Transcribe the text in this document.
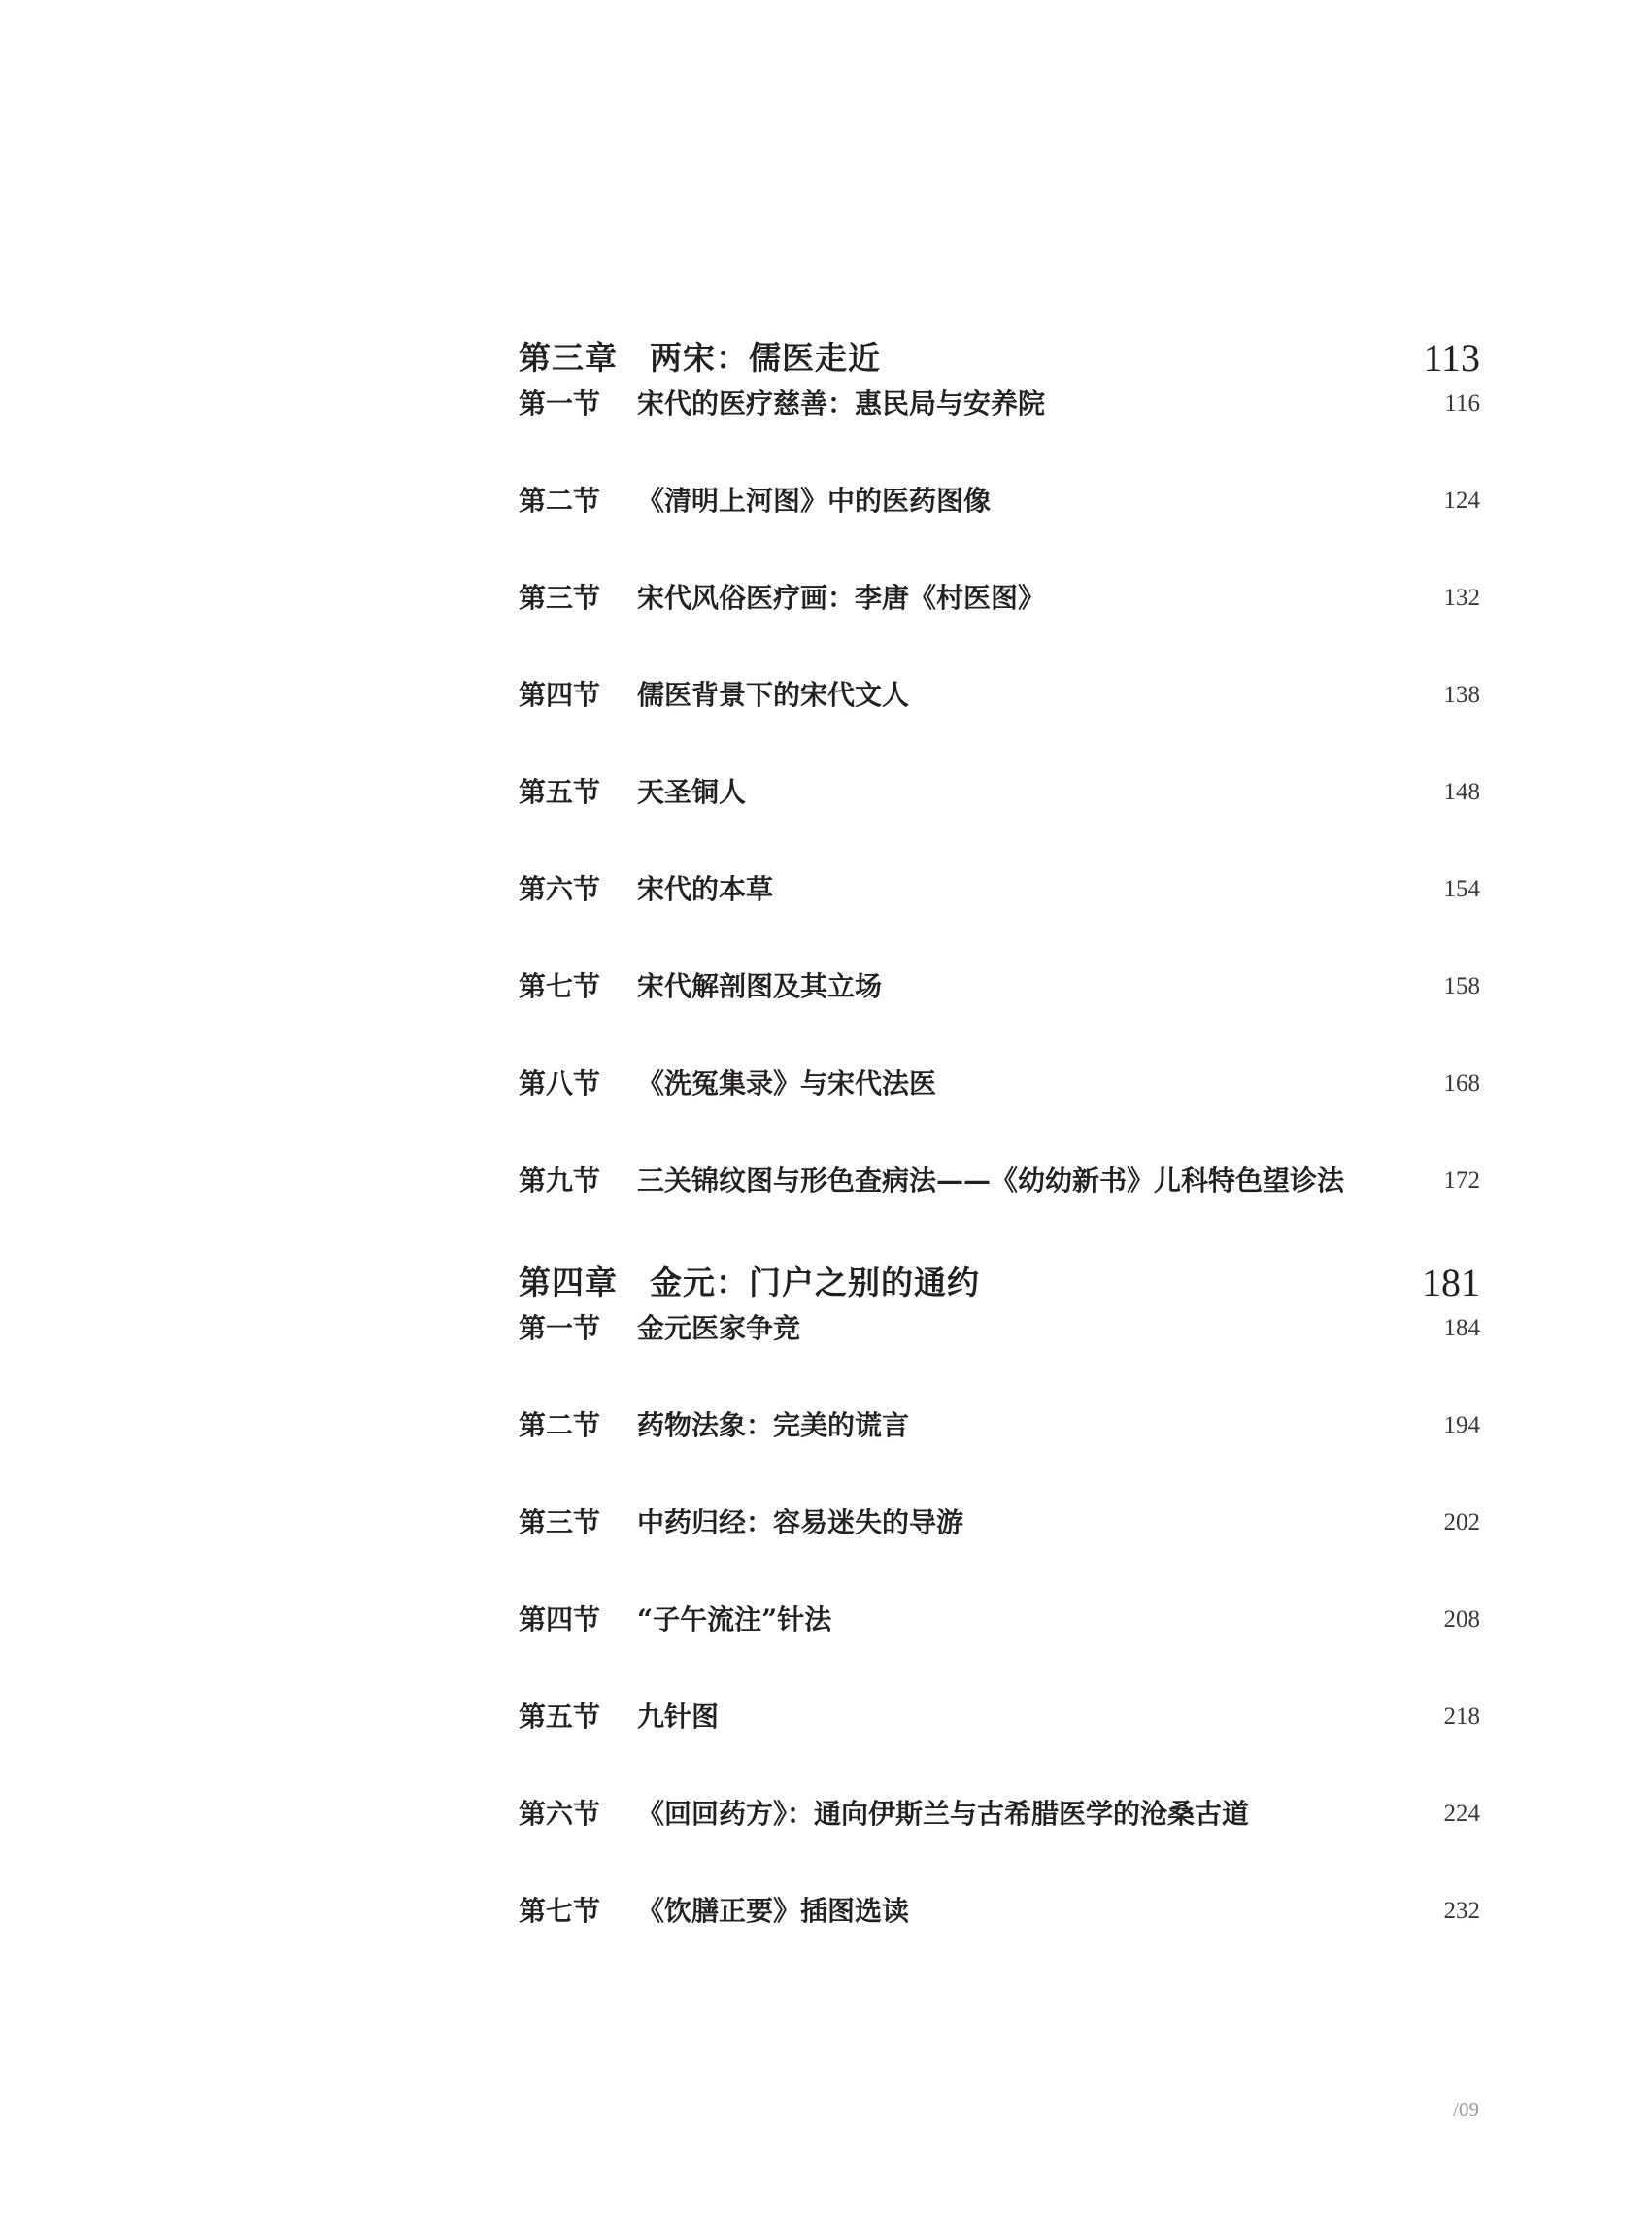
第三章 两宋：儒医走近	113
第一节 宋代的医疗慈善：惠民局与安养院	116
第二节 《清明上河图》中的医药图像	124
第三节 宋代风俗医疗画：李唐《村医图》	132
第四节 儒医背景下的宋代文人	138
第五节 天圣铜人	148
第六节 宋代的本草	154
第七节 宋代解剖图及其立场	158
第八节 《洗冤集录》与宋代法医	168
第九节 三关锦纹图与形色查病法——《幼幼新书》儿科特色望诊法	172
第四章 金元：门户之别的通约	181
第一节 金元医家争竞	184
第二节 药物法象：完美的谎言	194
第三节 中药归经：容易迷失的导游	202
第四节 “子午流注”针法	208
第五节 九针图	218
第六节 《回回药方》：通向伊斯兰与古希腊医学的沧桑古道	224
第七节 《饮膳正要》插图选读	232
/09
